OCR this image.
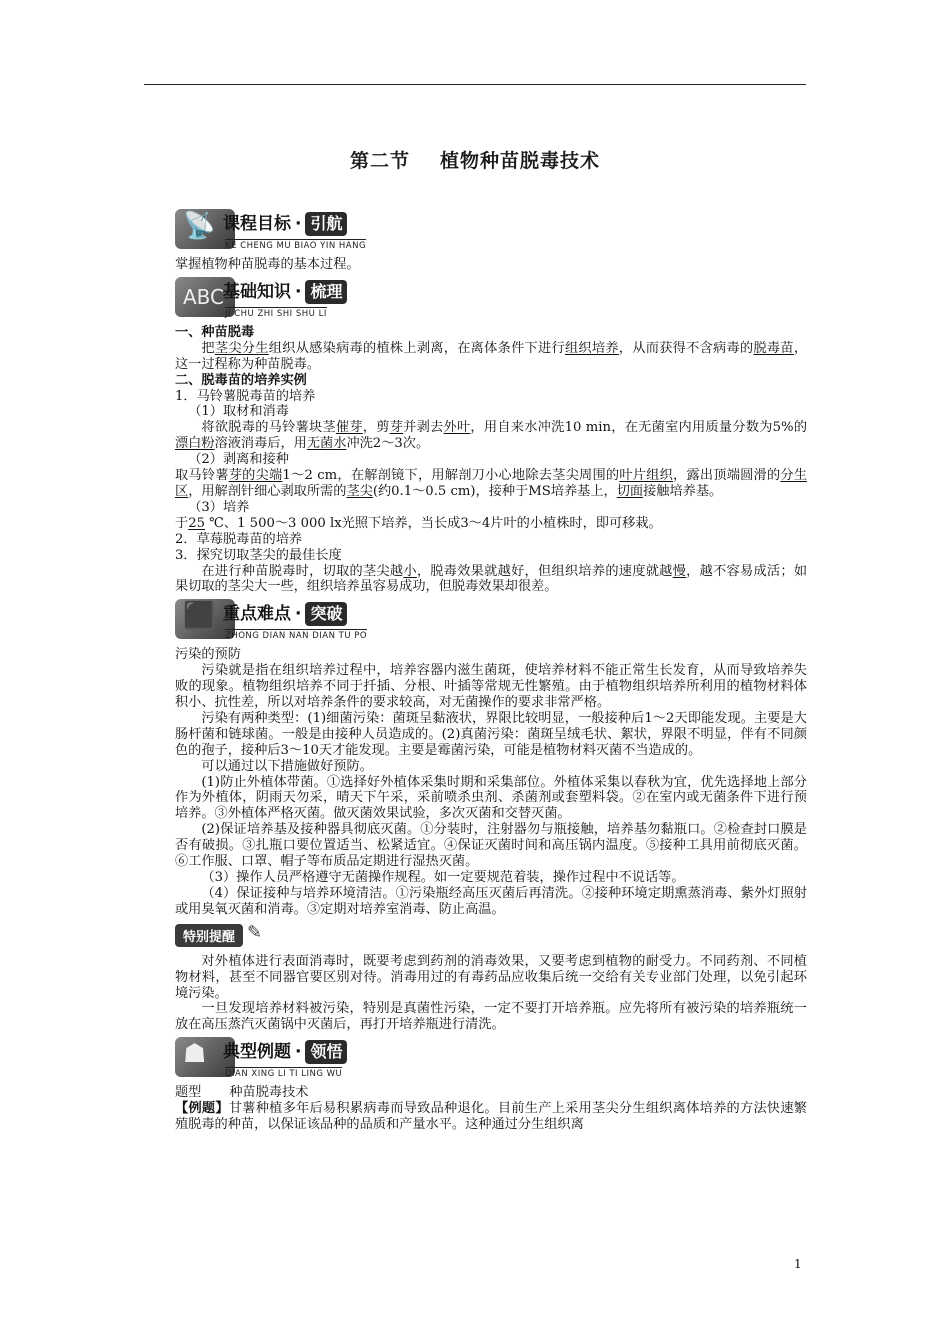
第二节 植物种苗脱毒技术
📡 课程目标 · 引航
KE CHENG MU BIAO YIN HANG

掌握植物种苗脱毒的基本过程。

ABC
基础知识 · 梳理
JI CHU ZHI SHI SHU LI

一、种苗脱毒

把茎尖分生组织从感染病毒的植株上剥离，在离体条件下进行组织培养，从而获得不含病毒的脱毒苗，这一过程称为种苗脱毒。

二、脱毒苗的培养实例

1．马铃薯脱毒苗的培养

（1）取材和消毒

将欲脱毒的马铃薯块茎催芽，剪芽并剥去外叶，用自来水冲洗10 min，在无菌室内用质量分数为5%的漂白粉溶液消毒后，用无菌水冲洗2～3次。

（2）剥离和接种

取马铃薯芽的尖端1～2 cm，在解剖镜下，用解剖刀小心地除去茎尖周围的叶片组织，露出顶端圆滑的分生区，用解剖针细心剥取所需的茎尖(约0.1～0.5 cm)，接种于MS培养基上，切面接触培养基。

（3）培养

于25 ℃、1 500～3 000 lx光照下培养，当长成3～4片叶的小植株时，即可移栽。

2．草莓脱毒苗的培养

3．探究切取茎尖的最佳长度

在进行种苗脱毒时，切取的茎尖越小，脱毒效果就越好，但组织培养的速度就越慢，越不容易成活；如果切取的茎尖大一些，组织培养虽容易成功，但脱毒效果却很差。

⬛ 重点难点 · 突破
ZHONG DIAN NAN DIAN TU PO

污染的预防

污染就是指在组织培养过程中，培养容器内滋生菌斑，使培养材料不能正常生长发育，从而导致培养失败的现象。植物组织培养不同于扦插、分根、叶插等常规无性繁殖。由于植物组织培养所利用的植物材料体积小、抗性差，所以对培养条件的要求较高，对无菌操作的要求非常严格。

污染有两种类型：(1)细菌污染：菌斑呈黏液状，界限比较明显，一般接种后1～2天即能发现。主要是大肠杆菌和链球菌。一般是由接种人员造成的。(2)真菌污染：菌斑呈绒毛状、絮状，界限不明显，伴有不同颜色的孢子，接种后3～10天才能发现。主要是霉菌污染，可能是植物材料灭菌不当造成的。

可以通过以下措施做好预防。

(1)防止外植体带菌。①选择好外植体采集时期和采集部位。外植体采集以春秋为宜，优先选择地上部分作为外植体，阴雨天勿采，晴天下午采，采前喷杀虫剂、杀菌剂或套塑料袋。②在室内或无菌条件下进行预培养。③外植体严格灭菌。做灭菌效果试验，多次灭菌和交替灭菌。

(2)保证培养基及接种器具彻底灭菌。①分装时，注射器勿与瓶接触，培养基勿黏瓶口。②检查封口膜是否有破损。③扎瓶口要位置适当、松紧适宜。④保证灭菌时间和高压锅内温度。⑤接种工具用前彻底灭菌。⑥工作服、口罩、帽子等布质品定期进行湿热灭菌。

（3）操作人员严格遵守无菌操作规程。如一定要规范着装，操作过程中不说话等。

（4）保证接种与培养环境清洁。①污染瓶经高压灭菌后再清洗。②接种环境定期熏蒸消毒、紫外灯照射或用臭氧灭菌和消毒。③定期对培养室消毒、防止高温。

特别提醒 ✎

对外植体进行表面消毒时，既要考虑到药剂的消毒效果，又要考虑到植物的耐受力。不同药剂、不同植物材料，甚至不同器官要区别对待。消毒用过的有毒药品应收集后统一交给有关专业部门处理，以免引起环境污染。

一旦发现培养材料被污染，特别是真菌性污染，一定不要打开培养瓶。应先将所有被污染的培养瓶统一放在高压蒸汽灭菌锅中灭菌后，再打开培养瓶进行清洗。

☗ 典型例题 · 领悟
DIAN XING LI TI LING WU

题型 种苗脱毒技术

【例题】甘薯种植多年后易积累病毒而导致品种退化。目前生产上采用茎尖分生组织离体培养的方法快速繁殖脱毒的种苗，以保证该品种的品质和产量水平。这种通过分生组织离

1
